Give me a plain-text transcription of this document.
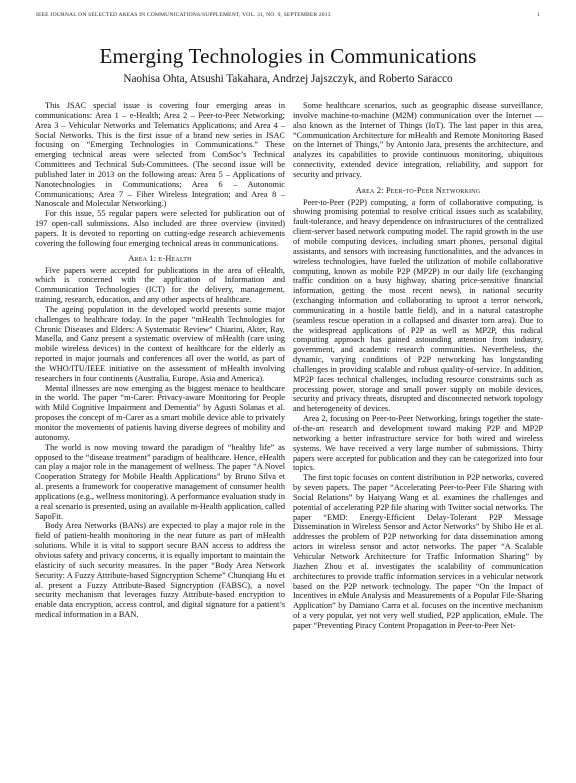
IEEE JOURNAL ON SELECTED AREAS IN COMMUNICATIONS/SUPPLEMENT, VOL. 31, NO. 9, SEPTEMBER 2013	1
Emerging Technologies in Communications
Naohisa Ohta, Atsushi Takahara, Andrzej Jajszczyk, and Roberto Saracco

This JSAC special issue is covering four emerging areas in communications: Area 1 – e-Health; Area 2 – Peer-to-Peer Networking; Area 3 – Vehicular Networks and Telematics Applications; and Area 4 – Social Networks. This is the first issue of a brand new series in JSAC focusing on “Emerging Technologies in Communications.” These emerging technical areas were selected from ComSoc’s Technical Committees and Technical Sub-Committees. (The second issue will be published later in 2013 on the following areas: Area 5 – Applications of Nanotechnologies in Communications; Area 6 – Autonomic Communications; Area 7 – Fiber Wireless Integration; and Area 8 – Nanoscale and Molecular Networking.)

For this issue, 55 regular papers were selected for publication out of 197 open-call submissions. Also included are three overview (invited) papers. It is devoted to reporting on cutting-edge research achievements covering the following four emerging technical areas in communications.

Area 1: e-Health

Five papers were accepted for publications in the area of eHealth, which is concerned with the application of Information and Communication Technologies (ICT) for the delivery, management, training, research, education, and any other aspects of healthcare.

The ageing population in the developed world presents some major challenges to healthcare today. In the paper “mHealth Technologies for Chronic Diseases and Elders: A Systematic Review” Chiarini, Akter, Ray, Masella, and Ganz present a systematic overview of mHealth (care using mobile wireless devices) in the context of healthcare for the elderly as reported in major journals and conferences all over the world, as part of the WHO/ITU/IEEE initiative on the assessment of mHealth involving researchers in four continents (Australia, Europe, Asia and America).

Mental illnesses are now emerging as the biggest menace to healthcare in the world. The paper “m-Carer: Privacy-aware Monitoring for People with Mild Cognitive Impairment and Dementia” by Agusti Solanas et al. proposes the concept of m-Carer as a smart mobile device able to privately monitor the movements of patients having diverse degrees of mobility and autonomy.

The world is now moving toward the paradigm of “healthy life” as opposed to the “disease treatment” paradigm of healthcare. Hence, eHealth can play a major role in the management of wellness. The paper “A Novel Cooperation Strategy for Mobile Health Applications” by Bruno Silva et al. presents a framework for cooperative management of consumer health applications (e.g., wellness monitoring). A performance evaluation study in a real scenario is presented, using an available m-Health application, called SapoFit.

Body Area Networks (BANs) are expected to play a major role in the field of patient-health monitoring in the near future as part of mHealth solutions. While it is vital to support secure BAN access to address the obvious safety and privacy concerns, it is equally important to maintain the elasticity of such security measures. In the paper “Body Area Network Security: A Fuzzy Attribute-based Signcryption Scheme” Chunqiang Hu et al. present a Fuzzy Attribute-Based Signcryption (FABSC), a novel security mechanism that leverages fuzzy Attribute-based encryption to enable data encryption, access control, and digital signature for a patient’s medical information in a BAN.

Some healthcare scenarios, such as geographic disease surveillance, involve machine-to-machine (M2M) communication over the Internet — also known as the Internet of Things (IoT). The last paper in this area, “Communication Architecture for mHealth and Remote Monitoring Based on the Internet of Things,” by Antonio Jara, presents the architecture, and analyzes its capabilities to provide continuous monitoring, ubiquitous connectivity, extended device integration, reliability, and support for security and privacy.

Area 2: Peer-to-Peer Networking

Peer-to-Peer (P2P) computing, a form of collaborative computing, is showing promising potential to resolve critical issues such as scalability, fault-tolerance, and heavy dependence on infrastructures of the centralized client-server based network computing model. The rapid growth in the use of mobile computing devices, including smart phones, personal digital assistants, and sensors with increasing functionalities, and the advances in wireless technologies, have fueled the utilization of mobile collaborative computing, known as mobile P2P (MP2P) in our daily life (exchanging traffic condition on a busy highway, sharing price-sensitive financial information, getting the most recent news), in national security (exchanging information and collaborating to uproot a terror network, communicating in a hostile battle field), and in a natural catastrophe (seamless rescue operation in a collapsed and disaster torn area). Due to the widespread applications of P2P as well as MP2P, this radical computing approach has gained astounding attention from industry, government, and academic research communities. Nevertheless, the dynamic, varying conditions of P2P networking has longstanding challenges in providing scalable and robust quality-of-service. In addition, MP2P faces technical challenges, including resource constraints such as processing power, storage and small power supply on mobile devices, security and privacy threats, disrupted and disconnected network topology and heterogeneity of devices.

Area 2, focusing on Peer-to-Peer Networking, brings together the state-of-the-art research and development toward making P2P and MP2P networking a better infrastructure service for both wired and wireless systems. We have received a very large number of submissions. Thirty papers were accepted for publication and they can be categorized into four topics.

The first topic focuses on content distribution in P2P networks, covered by seven papers. The paper “Accelerating Peer-to-Peer File Sharing with Social Relations” by Haiyang Wang et al. examines the challenges and potential of accelerating P2P file sharing with Twitter social networks. The paper “EMD: Energy-Efficient Delay-Tolerant P2P Message Dissemination in Wireless Sensor and Actor Networks” by Shibo He et al. addresses the problem of P2P networking for data dissemination among actors in wireless sensor and actor networks. The paper “A Scalable Vehicular Network Architecture for Traffic Information Sharing” by Jiazhen Zhou et al. investigates the scalability of communication architectures to provide traffic information services in a vehicular network based on the P2P network technology. The paper “On the Impact of Incentives in eMule Analysis and Measurements of a Popular File-Sharing Application” by Damiano Carra et al. focuses on the incentive mechanism of a very popular, yet not very well studied, P2P application, eMule. The paper “Preventing Piracy Content Propagation in Peer-to-Peer Net-
